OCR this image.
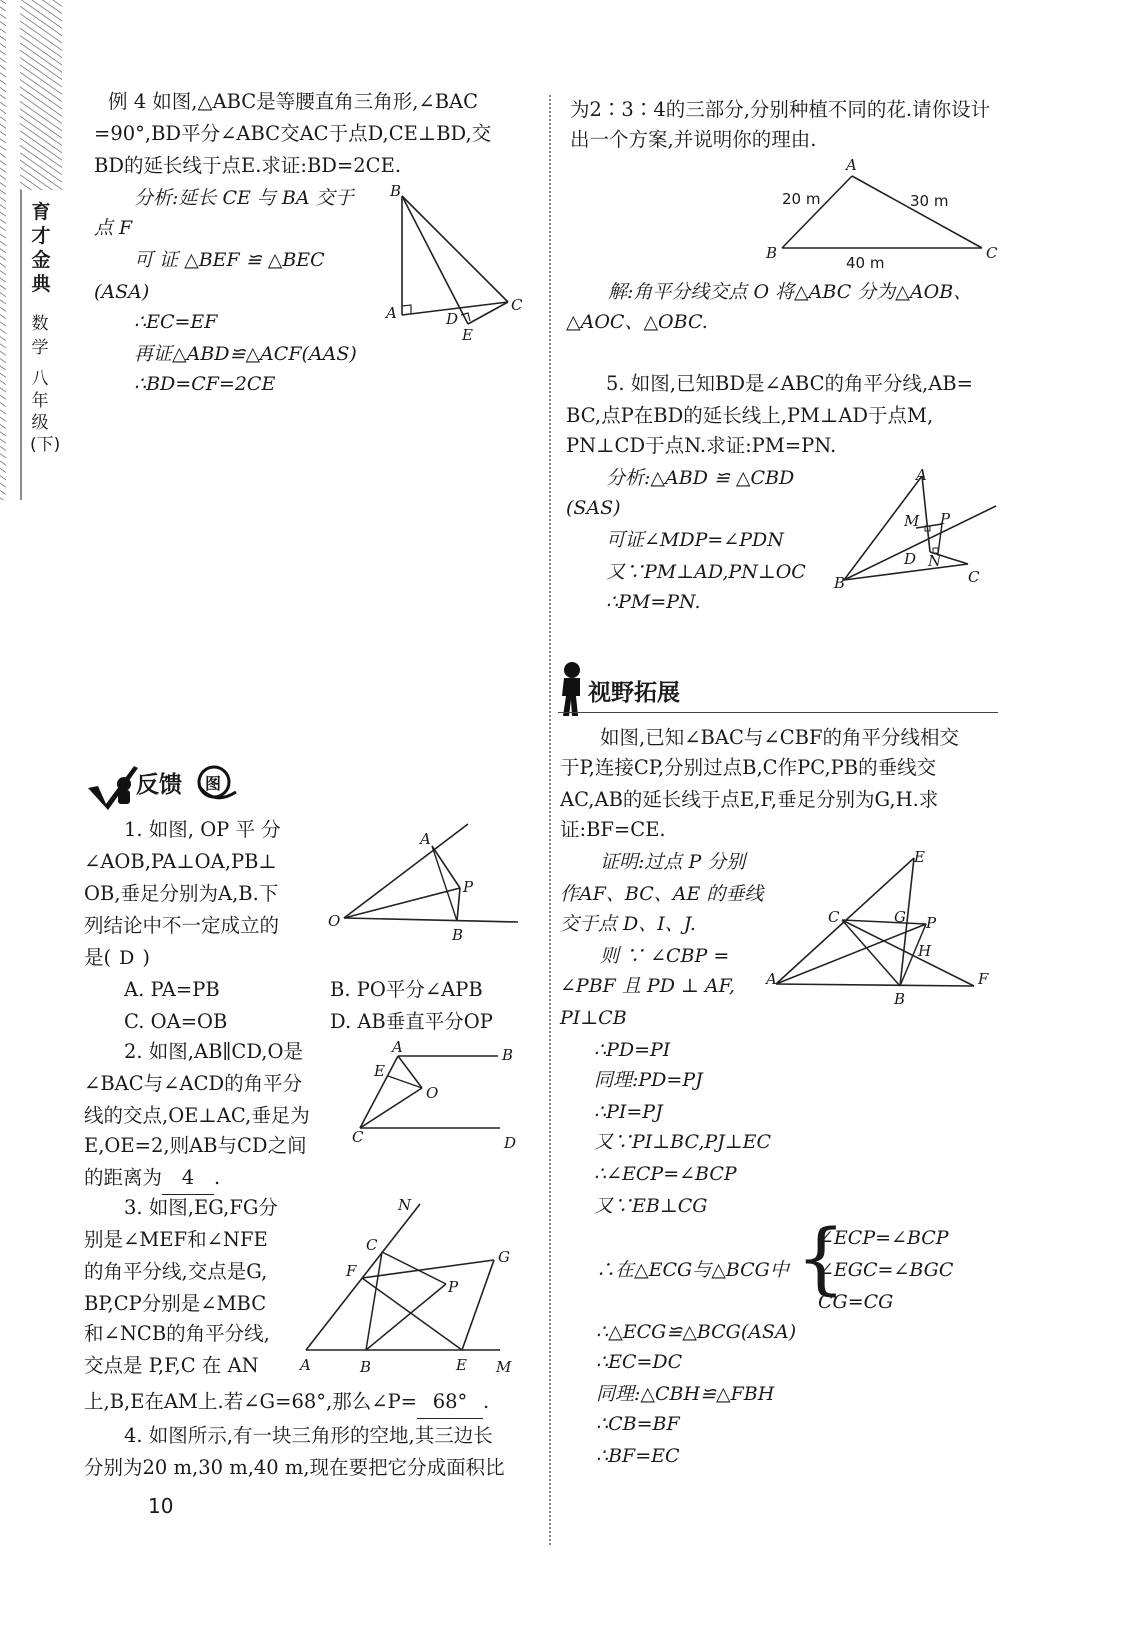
育才金典
数学
八年级(下)
例 4 如图,△ABC是等腰直角三角形,∠BAC
=90°,BD平分∠ABC交AC于点D,CE⊥BD,交
BD的延长线于点E.求证:BD=2CE.
分析:延长 CE 与 BA 交于
点 F
可 证 △BEF ≌ △BEC
(ASA)
∴EC=EF
再证△ABD≌△ACF(AAS)
∴BD=CF=2CE
B
A	D
C
E
反馈 图
1. 如图, OP 平 分
∠AOB,PA⊥OA,PB⊥
OB,垂足分别为A,B.下
列结论中不一定成立的
是( D )
A. PA=PB	B. PO平分∠APB
C. OA=OB	D. AB垂直平分OP
A
P
O
B
2. 如图,AB∥CD,O是
∠BAC与∠ACD的角平分
线的交点,OE⊥AC,垂足为
E,OE=2,则AB与CD之间
的距离为 4 .
A	B
E
O
C	D
3. 如图,EG,FG分
别是∠MEF和∠NFE
的角平分线,交点是G,
BP,CP分别是∠MBC
和∠NCB的角平分线,
交点是 P,F,C 在 AN
上,B,E在AM上.若∠G=68°,那么∠P= 68° .
N
C
F
G
P
A	B	E M
4. 如图所示,有一块三角形的空地,其三边长
分别为20 m,30 m,40 m,现在要把它分成面积比
10
为2∶3∶4的三部分,分别种植不同的花.请你设计
出一个方案,并说明你的理由.
A
B	C
20 m	30 m
40 m
解:角平分线交点 O 将△ABC 分为△AOB、
△AOC、△OBC.
5. 如图,已知BD是∠ABC的角平分线,AB=
BC,点P在BD的延长线上,PM⊥AD于点M,
PN⊥CD于点N.求证:PM=PN.
分析:△ABD ≌ △CBD
(SAS)
可证∠MDP=∠PDN
又∵PM⊥AD,PN⊥OC
∴PM=PN.
A
M P
D N
B	C
视野拓展
如图,已知∠BAC与∠CBF的角平分线相交
于P,连接CP,分别过点B,C作PC,PB的垂线交
AC,AB的延长线于点E,F,垂足分别为G,H.求
证:BF=CE.
证明:过点 P 分别
作AF、BC、AE 的垂线
交于点 D、I、J.
则 ∵ ∠CBP =
∠PBF 且 PD ⊥ AF,
PI⊥CB
∴PD=PI
同理:PD=PJ
∴PI=PJ
又∵PI⊥BC,PJ⊥EC
∴∠ECP=∠BCP
又∵EB⊥CG
E
C	G P
H
A
B
F
∴在△ECG与△BCG中 {
∠ECP=∠BCP
∠EGC=∠BGC
CG=CG
∴△ECG≌△BCG(ASA)
∴EC=DC
同理:△CBH≌△FBH
∴CB=BF
∴BF=EC
